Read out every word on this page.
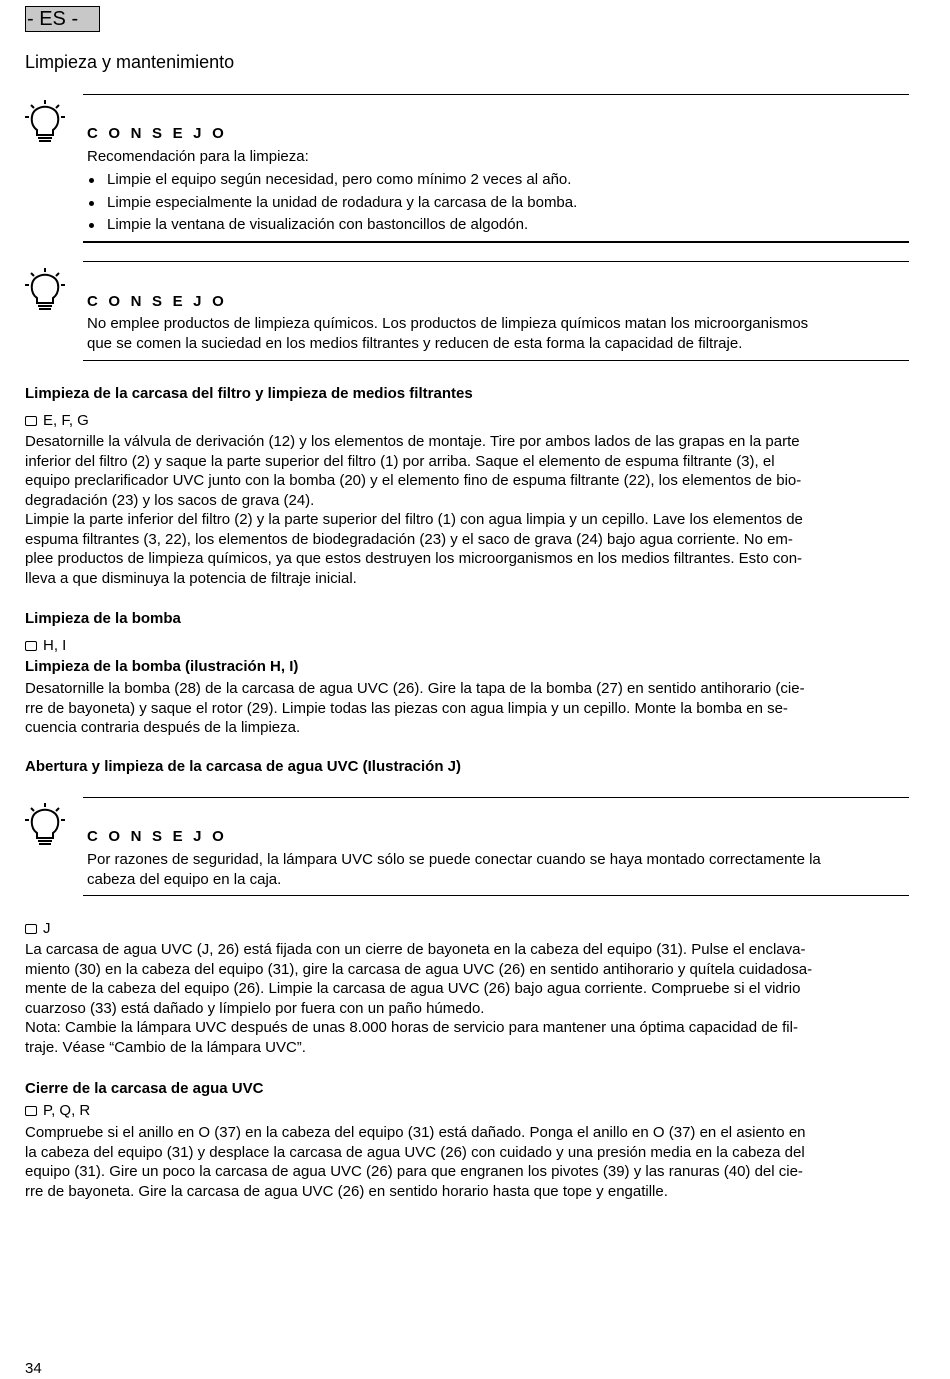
- ES -
Limpieza y mantenimiento
C O N S E J O
Recomendación para la limpieza:
Limpie el equipo según necesidad, pero como mínimo 2 veces al año.
Limpie especialmente la unidad de rodadura y la carcasa de la bomba.
Limpie la ventana de visualización con bastoncillos de algodón.
C O N S E J O
No emplee productos de limpieza químicos. Los productos de limpieza químicos matan los microorganismos
que se comen la suciedad en los medios filtrantes y reducen de esta forma la capacidad de filtraje.
Limpieza de la carcasa del filtro y limpieza de medios filtrantes
E, F, G
Desatornille la válvula de derivación (12) y los elementos de montaje. Tire por ambos lados de las grapas en la parte
inferior del filtro (2) y saque la parte superior del filtro (1) por arriba. Saque el elemento de espuma filtrante (3), el
equipo preclarificador UVC junto con la bomba (20) y el elemento fino de espuma filtrante (22), los elementos de bio-
degradación (23) y los sacos de grava (24).
Limpie la parte inferior del filtro (2) y la parte superior del filtro (1) con agua limpia y un cepillo. Lave los elementos de
espuma filtrantes (3, 22), los elementos de biodegradación (23) y el saco de grava (24) bajo agua corriente. No em-
plee productos de limpieza químicos, ya que estos destruyen los microorganismos en los medios filtrantes. Esto con-
lleva a que disminuya la potencia de filtraje inicial.
Limpieza de la bomba
H, I
Limpieza de la bomba (ilustración H, I)
Desatornille la bomba (28) de la carcasa de agua UVC (26). Gire la tapa de la bomba (27) en sentido antihorario (cie-
rre de bayoneta) y saque el rotor (29). Limpie todas las piezas con agua limpia y un cepillo. Monte la bomba en se-
cuencia contraria después de la limpieza.
Abertura y limpieza de la carcasa de agua UVC (Ilustración J)
C O N S E J O
Por razones de seguridad, la lámpara UVC sólo se puede conectar cuando se haya montado correctamente la
cabeza del equipo en la caja.
J
La carcasa de agua UVC (J, 26) está fijada con un cierre de bayoneta en la cabeza del equipo (31). Pulse el enclava-
miento (30) en la cabeza del equipo (31), gire la carcasa de agua UVC (26) en sentido antihorario y quítela cuidadosa-
mente de la cabeza del equipo (26). Limpie la carcasa de agua UVC (26) bajo agua corriente. Compruebe si el vidrio
cuarzoso (33) está dañado y límpielo por fuera con un paño húmedo.
Nota: Cambie la lámpara UVC después de unas 8.000 horas de servicio para mantener una óptima capacidad de fil-
traje. Véase “Cambio de la lámpara UVC”.
Cierre de la carcasa de agua UVC
P, Q, R
Compruebe si el anillo en O (37) en la cabeza del equipo (31) está dañado. Ponga el anillo en O (37) en el asiento en
la cabeza del equipo (31) y desplace la carcasa de agua UVC (26) con cuidado y una presión media en la cabeza del
equipo (31). Gire un poco la carcasa de agua UVC (26) para que engranen los pivotes (39) y las ranuras (40) del cie-
rre de bayoneta. Gire la carcasa de agua UVC (26) en sentido horario hasta que tope y engatille.
34
